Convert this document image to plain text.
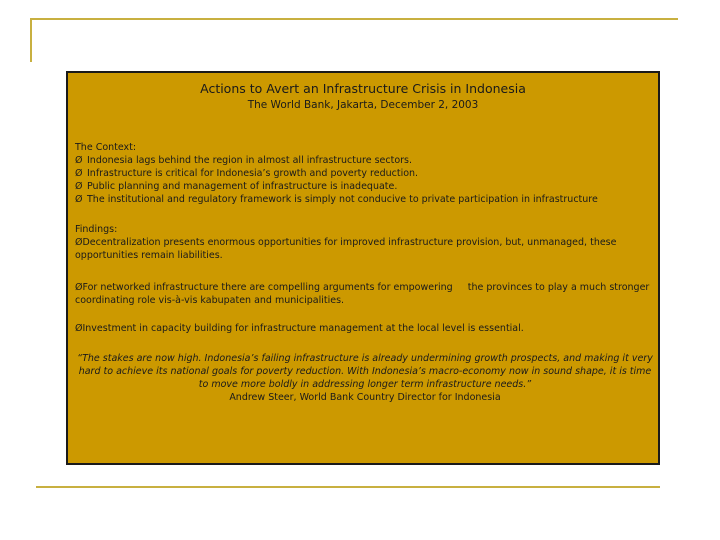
Actions to Avert an Infrastructure Crisis in Indonesia
The World Bank, Jakarta, December 2, 2003

The Context:

Ø Indonesia lags behind the region in almost all infrastructure sectors.
Ø Infrastructure is critical for Indonesia’s growth and poverty reduction.
Ø Public planning and management of infrastructure is inadequate.
Ø The institutional and regulatory framework is simply not conducive to private participation in infrastructure

Findings:

ØDecentralization presents enormous opportunities for improved infrastructure provision, but, unmanaged, these opportunities remain liabilities.

ØFor networked infrastructure there are compelling arguments for empowering     the provinces to play a much stronger coordinating role vis-à-vis kabupaten and municipalities.

ØInvestment in capacity building for infrastructure management at the local level is essential.

“The stakes are now high. Indonesia’s failing infrastructure is already undermining growth prospects, and making it very hard to achieve its national goals for poverty reduction. With Indonesia’s macro-economy now in sound shape, it is time to move more boldly in addressing longer term infrastructure needs.”

Andrew Steer, World Bank Country Director for Indonesia
